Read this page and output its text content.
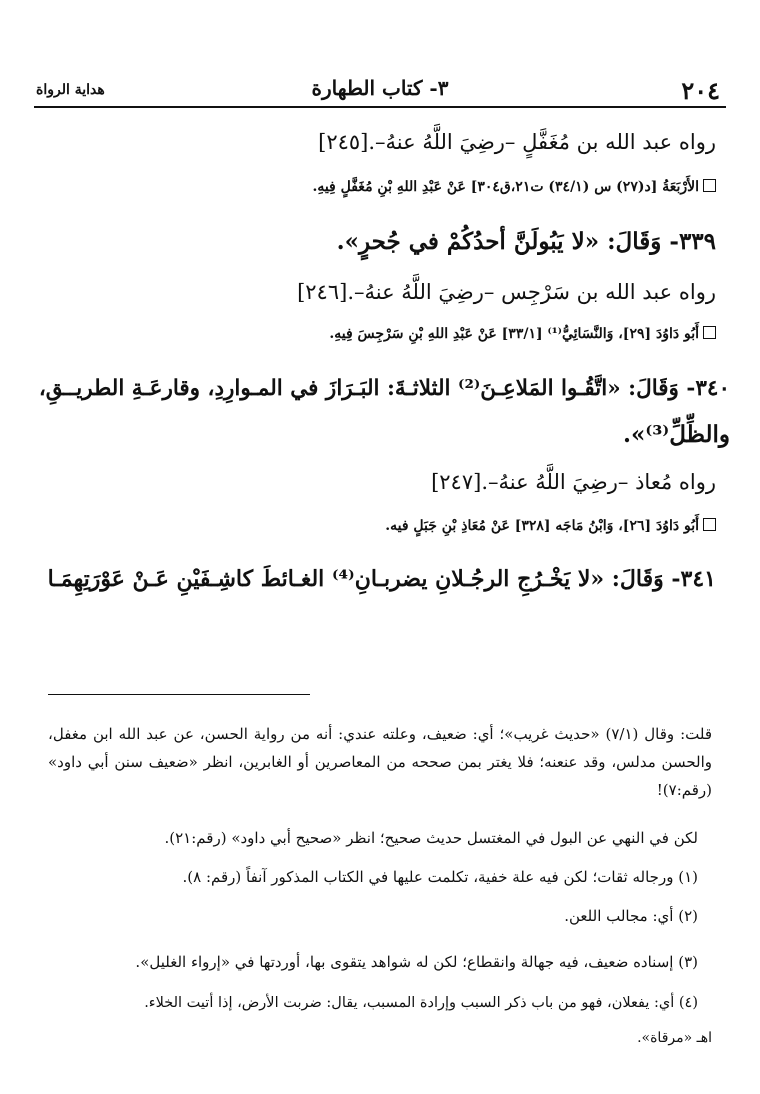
٢٠٤
٣- كتاب الطهارة
هداية الرواة
رواه عبد الله بن مُغَفَّلٍ –رضِيَ اللَّهُ عنهُ–.[٢٤٥]
الأَرْبَعَةُ [د(٢٧) س (٣٤/١) ت٢١،ق٣٠٤] عَنْ عَبْدِ اللهِ بْنِ مُغَفَّلٍ فِيهِ.
٣٣٩- وَقَالَ: «لا يَبُولَنَّ أحدُكُمْ في جُحرٍ».
رواه عبد الله بن سَرْجِس –رضِيَ اللَّهُ عنهُ–.[٢٤٦]
أَبُو دَاوُدَ [٢٩]، وَالنَّسَائِيُّ⁽¹⁾ [٣٣/١] عَنْ عَبْدِ اللهِ بْنِ سَرْجِسَ فِيهِ.
٣٤٠- وَقَالَ: «اتَّقُـوا المَلاعِـنَ⁽²⁾ الثلاثـةَ: البَـرَازَ في المـوارِدِ، وقارعَـةِ الطريــقِ،
والظِّلِّ⁽³⁾».
رواه مُعاذ –رضِيَ اللَّهُ عنهُ–.[٢٤٧]
أَبُو دَاوُدَ [٢٦]، وَابْنُ مَاجَه [٣٢٨] عَنْ مُعَاذِ بْنِ جَبَلٍ فيه.
٣٤١- وَقَالَ: «لا يَخْـرُجِ الرجُـلانِ يضربـانِ⁽⁴⁾ الغـائطَ كاشِـفَيْنِ عَـنْ عَوْرَتِهِمَـا
قلت: وقال (٧/١) «حديث غريب»؛ أي: ضعيف، وعلته عندي: أنه من رواية الحسن، عن عبد الله ابن مغفل، والحسن مدلس، وقد عنعنه؛ فلا يغتر بمن صححه من المعاصرين أو الغابرين، انظر «ضعيف سنن أبي داود» (رقم:٧)!
لكن في النهي عن البول في المغتسل حديث صحيح؛ انظر «صحيح أبي داود» (رقم:٢١).
(١) ورجاله ثقات؛ لكن فيه علة خفية، تكلمت عليها في الكتاب المذكور آنفاً (رقم: ٨).
(٢) أي: مجالب اللعن.
(٣) إسناده ضعيف، فيه جهالة وانقطاع؛ لكن له شواهد يتقوى بها، أوردتها في «إرواء الغليل».
(٤) أي: يفعلان، فهو من باب ذكر السبب وإرادة المسبب، يقال: ضربت الأرض، إذا أتيت الخلاء.
اهـ «مرقاة».
